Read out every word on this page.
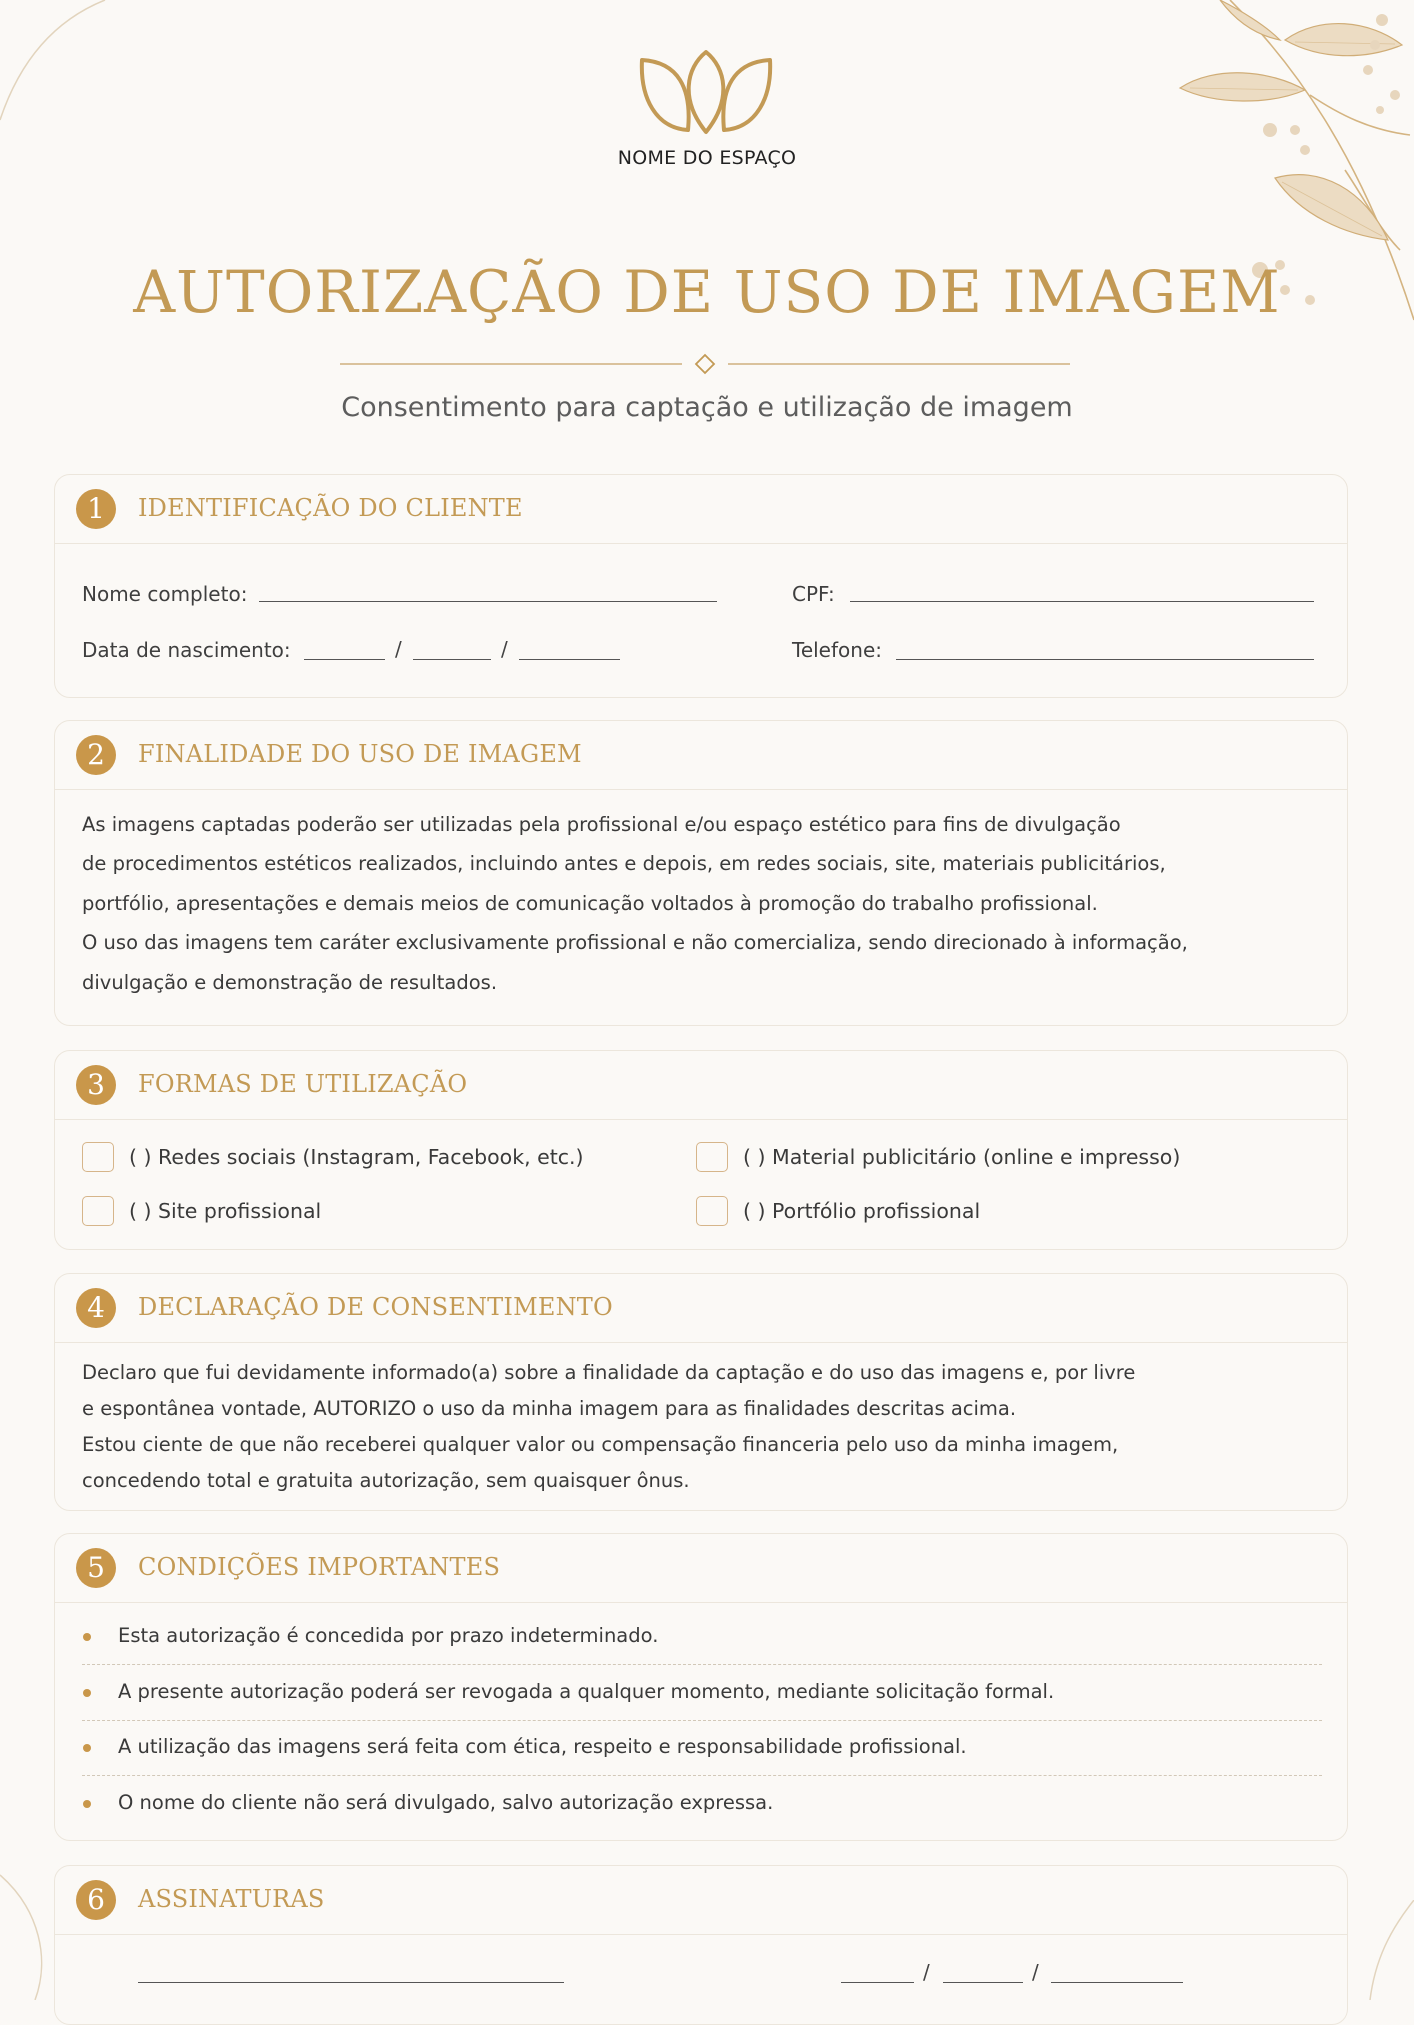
NOME DO ESPAÇO
AUTORIZAÇÃO DE USO DE IMAGEM
Consentimento para captação e utilização de imagem
1	IDENTIFICAÇÃO DO CLIENTE
Nome completo:	CPF:
Data de nascimento:	/	/	Telefone:
2	FINALIDADE DO USO DE IMAGEM
As imagens captadas poderão ser utilizadas pela profissional e/ou espaço estético para fins de divulgação
de procedimentos estéticos realizados, incluindo antes e depois, em redes sociais, site, materiais publicitários,
portfólio, apresentações e demais meios de comunicação voltados à promoção do trabalho profissional.
O uso das imagens tem caráter exclusivamente profissional e não comercializa, sendo direcionado à informação,
divulgação e demonstração de resultados.
3	FORMAS DE UTILIZAÇÃO
( ) Redes sociais (Instagram, Facebook, etc.)	( ) Material publicitário (online e impresso)
( ) Site profissional	( ) Portfólio profissional
4	DECLARAÇÃO DE CONSENTIMENTO
Declaro que fui devidamente informado(a) sobre a finalidade da captação e do uso das imagens e, por livre
e espontânea vontade, AUTORIZO o uso da minha imagem para as finalidades descritas acima.
Estou ciente de que não receberei qualquer valor ou compensação financeria pelo uso da minha imagem,
concedendo total e gratuita autorização, sem quaisquer ônus.
5	CONDIÇÕES IMPORTANTES
Esta autorização é concedida por prazo indeterminado.
A presente autorização poderá ser revogada a qualquer momento, mediante solicitação formal.
A utilização das imagens será feita com ética, respeito e responsabilidade profissional.
O nome do cliente não será divulgado, salvo autorização expressa.
6	ASSINATURAS
/	/
